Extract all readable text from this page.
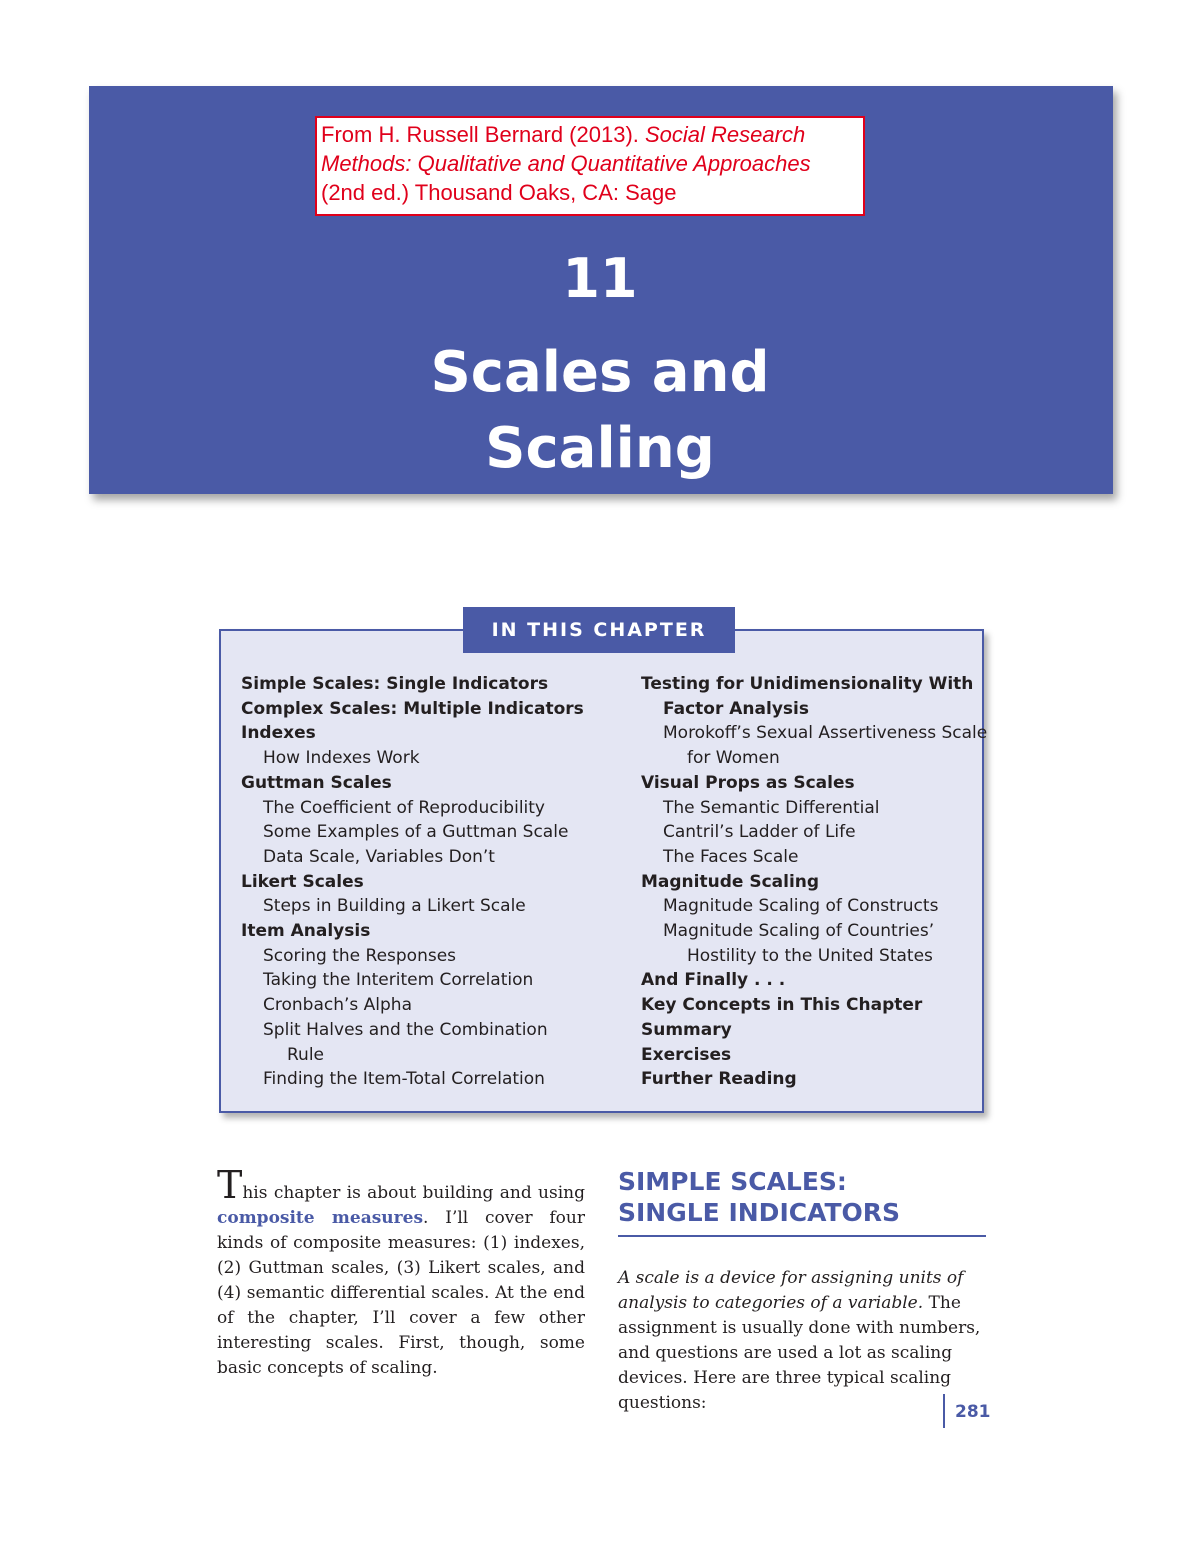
From H. Russell Bernard (2013). Social Research

Methods: Qualitative and Quantitative Approaches

(2nd ed.) Thousand Oaks, CA: Sage

11
Scales and
Scaling
IN THIS CHAPTER
Simple Scales: Single Indicators
Complex Scales: Multiple Indicators
Indexes
How Indexes Work
Guttman Scales
The Coefficient of Reproducibility
Some Examples of a Guttman Scale
Data Scale, Variables Don’t
Likert Scales
Steps in Building a Likert Scale
Item Analysis
Scoring the Responses
Taking the Interitem Correlation
Cronbach’s Alpha
Split Halves and the Combination
Rule
Finding the Item-Total Correlation
Testing for Unidimensionality With
Factor Analysis
Morokoff’s Sexual Assertiveness Scale
for Women
Visual Props as Scales
The Semantic Differential
Cantril’s Ladder of Life
The Faces Scale
Magnitude Scaling
Magnitude Scaling of Constructs
Magnitude Scaling of Countries’
Hostility to the United States
And Finally . . .
Key Concepts in This Chapter
Summary
Exercises
Further Reading

This chapter is about building and using composite measures. I’ll cover four kinds of composite measures: (1) indexes, (2) Guttman scales, (3) Likert scales, and (4) semantic differential scales. At the end of the chapter, I’ll cover a few other interesting scales. First, though, some basic concepts of scaling.

SIMPLE SCALES:
SINGLE INDICATORS

A scale is a device for assigning units of analysis to categories of a variable. The assignment is usually done with numbers, and questions are used a lot as scaling devices. Here are three typical scaling questions:	281
